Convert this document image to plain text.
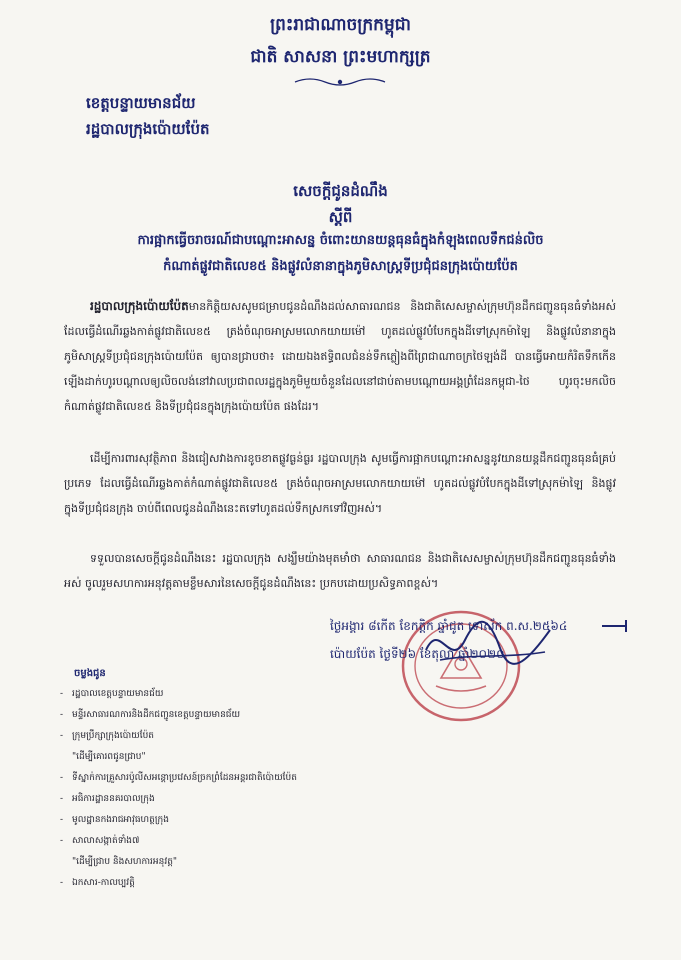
ព្រះរាជាណាចក្រកម្ពុជា
ជាតិ សាសនា ព្រះមហាក្សត្រ
ខេត្តបន្ទាយមានជ័យ
រដ្ឋបាលក្រុងប៉ោយប៉ែត
សេចក្តីជូនដំណឹង
ស្តីពី
ការផ្អាកធ្វើចរាចរណ៍ជាបណ្តោះអាសន្ន ចំពោះយានយន្តធុនធំក្នុងកំឡុងពេលទឹកជន់លិច
កំណាត់ផ្លូវជាតិលេខ៥ និងផ្លូវលំនានាក្នុងភូមិសាស្ត្រទីប្រជុំជនក្រុងប៉ោយប៉ែត

រដ្ឋបាលក្រុងប៉ោយប៉ែតមានកិត្តិយសសូមជម្រាបជូនដំណឹងដល់សាធារណជន និងជាតិសេសម្ចាស់ក្រុមហ៊ុនដឹកជញ្ជូនធុនធំទាំងអស់ ដែលធ្វើដំណើរឆ្លងកាត់ផ្លូវជាតិលេខ៥ ត្រង់ចំណុចអាស្រមលោកយាយម៉ៅ ហូតដល់ផ្លូវបំបែកក្នុងដីទៅស្រុកម៉ាឡៃ និងផ្លូវលំនានាក្នុងភូមិសាស្ត្រទីប្រជុំជនក្រុងប៉ោយប៉ែត ឲ្យបានជ្រាបថា៖ ដោយឯងឥទ្ធិពលជំនន់ទឹកភ្លៀងពីព្រៃជាណាចក្រថៃឡង់ដី បានធ្វើអោយកំរិតទឹកកើនឡើងដាក់ហូរបណ្តាលឲ្យលិចលង់នៅវាលប្រជាពលរដ្ឋក្នុងភូមិមួយចំនួនដែលនៅជាប់តាមបណ្តោយអង្គព្រំដែនកម្ពុជា-ថៃ ហូរចុះមកលិចកំណាត់ផ្លូវជាតិលេខ៥ និងទីប្រជុំជនក្នុងក្រុងប៉ោយប៉ែត ផងដែរ។

ដើម្បីការពារសុវត្ថិភាព និងជៀសវាងការខូចខាតផ្លូវធ្ងន់ធ្ងរ រដ្ឋបាលក្រុង សូមធ្វើការផ្អាកបណ្តោះអាសន្ននូវយានយន្តដឹកជញ្ជូនធុនធំគ្រប់ប្រភេទ ដែលធ្វើដំណើរឆ្លងកាត់កំណាត់ផ្លូវជាតិលេខ៥ ត្រង់ចំណុចអាស្រមលោកយាយម៉ៅ ហូតដល់ផ្លូវបំបែកក្នុងដីទៅស្រុកម៉ាឡៃ និងផ្លូវក្នុងទីប្រជុំជនក្រុង ចាប់ពីពេលជូនដំណឹងនេះតទៅហូតដល់ទឹកស្រកទៅវិញអស់។

ទទួលបានសេចក្តីជូនដំណឹងនេះ រដ្ឋបាលក្រុង សង្ឃឹមយ៉ាងមុតមាំថា សាធារណជន និងជាតិសេសម្ចាស់ក្រុមហ៊ុនដឹកជញ្ជូនធុនធំទាំងអស់ ចូលរួមសហការអនុវត្តតាមខ្លឹមសារនៃសេចក្តីជូនដំណឹងនេះ ប្រកបដោយប្រសិទ្ធភាពខ្ពស់។

ថ្ងៃអង្គារ ៨កើត ខែកត្តិក ឆ្នាំជូត ទោស័ក ព.ស.២៥៦៤
ប៉ោយប៉ែត ថ្ងៃទី២៦ ខែតុលា ឆ្នាំ២០២០
ចម្លងជូន
- រដ្ឋបាលខេត្តបន្ទាយមានជ័យ
- មន្ទីរសាធារណការនិងដឹកជញ្ជូនខេត្តបន្ទាយមានជ័យ
- ក្រុមប្រឹក្សាក្រុងប៉ោយប៉ែត
"ដើម្បីគោរពជូនជ្រាប"
- ទីស្នាក់ការគ្រួសារប៉ូលីសអន្តោប្រវេសន៍ច្រកព្រំដែនអន្តរជាតិប៉ោយប៉ែត
- អធិការដ្ឋាននគរបាលក្រុង
- មូលដ្ឋានកងរាជអាវុធហត្ថក្រុង
- សាលាសង្កាត់ទាំង៧
"ដើម្បីជ្រាប និងសហការអនុវត្ត"
- ឯកសារ-កាលប្បវត្តិ
